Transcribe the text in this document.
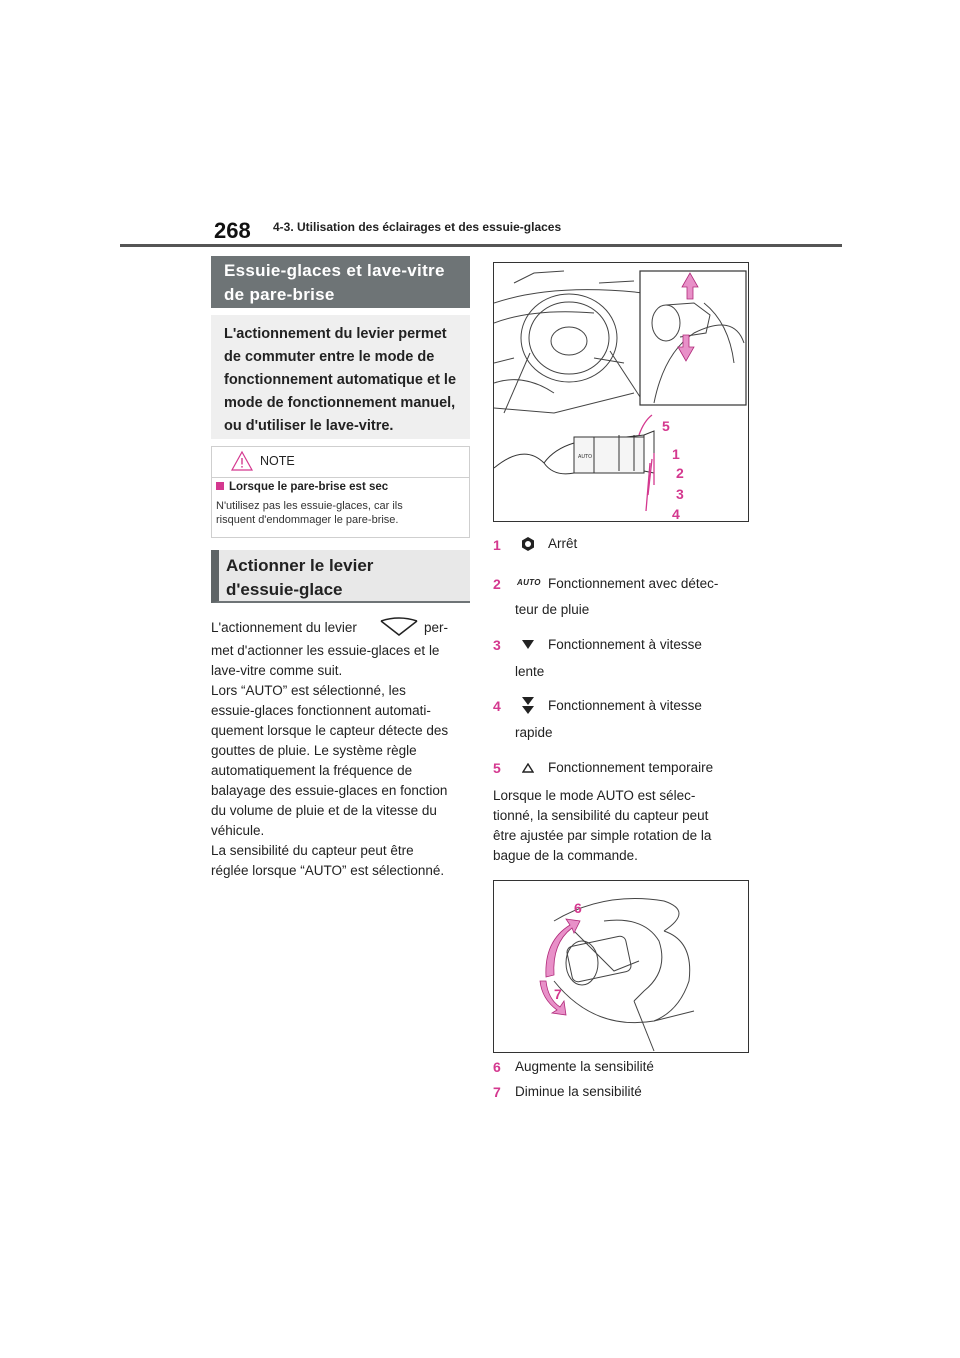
268 4-3. Utilisation des éclairages et des essuie-glaces
Essuie-glaces et lave-vitre
de pare-brise
L'actionnement du levier permet
de commuter entre le mode de
fonctionnement automatique et le
mode de fonctionnement manuel,
ou d'utiliser le lave-vitre.
NOTE
Lorsque le pare-brise est sec
N'utilisez pas les essuie-glaces, car ils
risquent d'endommager le pare-brise.
Actionner le levier
d'essuie-glace
L'actionnement du levier	per-
met d'actionner les essuie-glaces et le
lave-vitre comme suit.
Lors “AUTO” est sélectionné, les
essuie-glaces fonctionnent automati-
quement lorsque le capteur détecte des
gouttes de pluie. Le système règle
automatiquement la fréquence de
balayage des essuie-glaces en fonction
du volume de pluie et de la vitesse du
véhicule.
La sensibilité du capteur peut être
réglée lorsque “AUTO” est sélectionné.
AUTO
5
1
2
3
4
1	Arrêt
2 AUTO Fonctionnement avec détec-
teur de pluie
3	Fonctionnement à vitesse
lente
4	Fonctionnement à vitesse
rapide
5	Fonctionnement temporaire
Lorsque le mode AUTO est sélec-
tionné, la sensibilité du capteur peut
être ajustée par simple rotation de la
bague de la commande.
6
7
6 Augmente la sensibilité
7 Diminue la sensibilité
